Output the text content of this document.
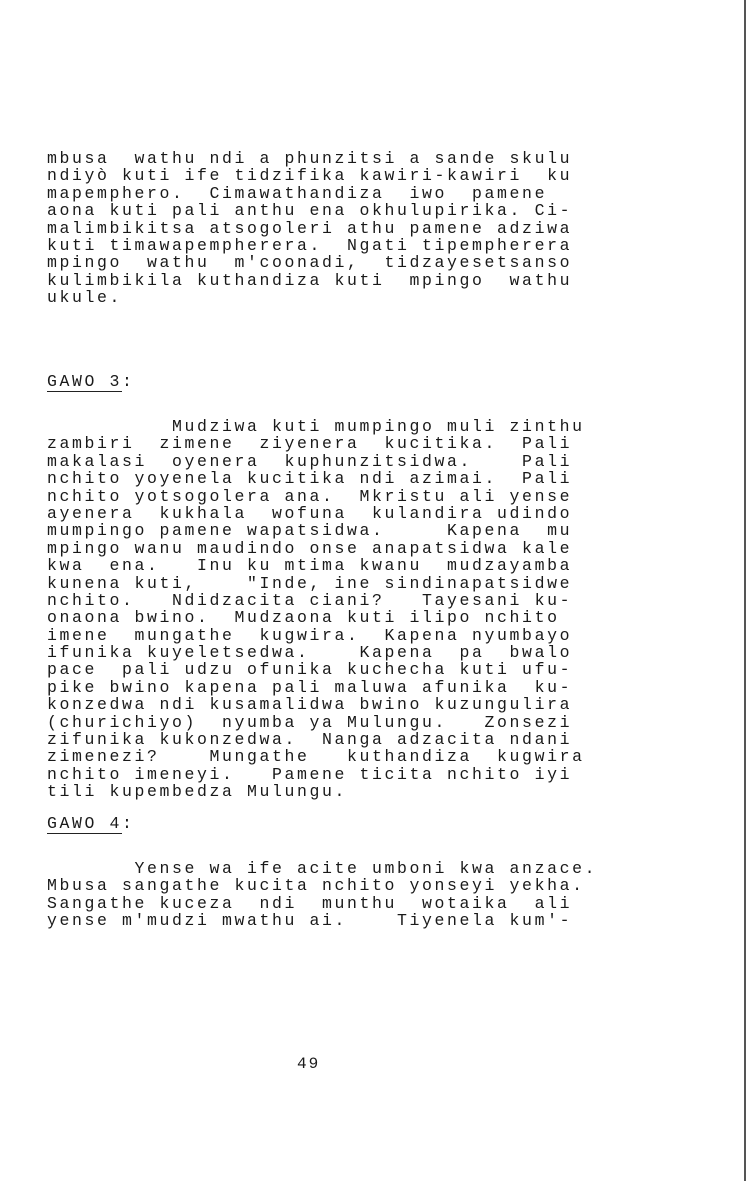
mbusa  wathu ndi a phunzitsi a sande skulu
ndiyò kuti ife tidzifika kawiri-kawiri  ku
mapemphero.  Cimawathandiza  iwo  pamene
aona kuti pali anthu ena okhulupirika. Ci-
malimbikitsa atsogoleri athu pamene adziwa
kuti timawapempherera.  Ngati tipempherera
mpingo  wathu  m'coonadi,  tidzayesetsanso
kulimbikila kuthandiza kuti  mpingo  wathu
ukule.
GAWO 3:
Mudziwa kuti mumpingo muli zinthu
zambiri  zimene  ziyenera  kucitika.  Pali
makalasi  oyenera  kuphunzitsidwa.    Pali
nchito yoyenela kucitika ndi azimai.  Pali
nchito yotsogolera ana.  Mkristu ali yense
ayenera  kukhala  wofuna  kulandira udindo
mumpingo pamene wapatsidwa.     Kapena  mu
mpingo wanu maudindo onse anapatsidwa kale
kwa  ena.   Inu ku mtima kwanu  mudzayamba
kunena kuti,    "Inde, ine sindinapatsidwe
nchito.   Ndidzacita ciani?   Tayesani ku-
onaona bwino.  Mudzaona kuti ilipo nchito
imene  mungathe  kugwira.  Kapena nyumbayo
ifunika kuyeletsedwa.    Kapena  pa  bwalo
pace  pali udzu ofunika kuchecha kuti ufu-
pike bwino kapena pali maluwa afunika  ku-
konzedwa ndi kusamalidwa bwino kuzungulira
(churichiyo)  nyumba ya Mulungu.   Zonsezi
zifunika kukonzedwa.  Nanga adzacita ndani
zimenezi?    Mungathe   kuthandiza  kugwira
nchito imeneyi.   Pamene ticita nchito iyi
tili kupembedza Mulungu.
GAWO 4:
Yense wa ife acite umboni kwa anzace.
Mbusa sangathe kucita nchito yonseyi yekha.
Sangathe kuceza  ndi  munthu  wotaika  ali
yense m'mudzi mwathu ai.    Tiyenela kum'-
49
